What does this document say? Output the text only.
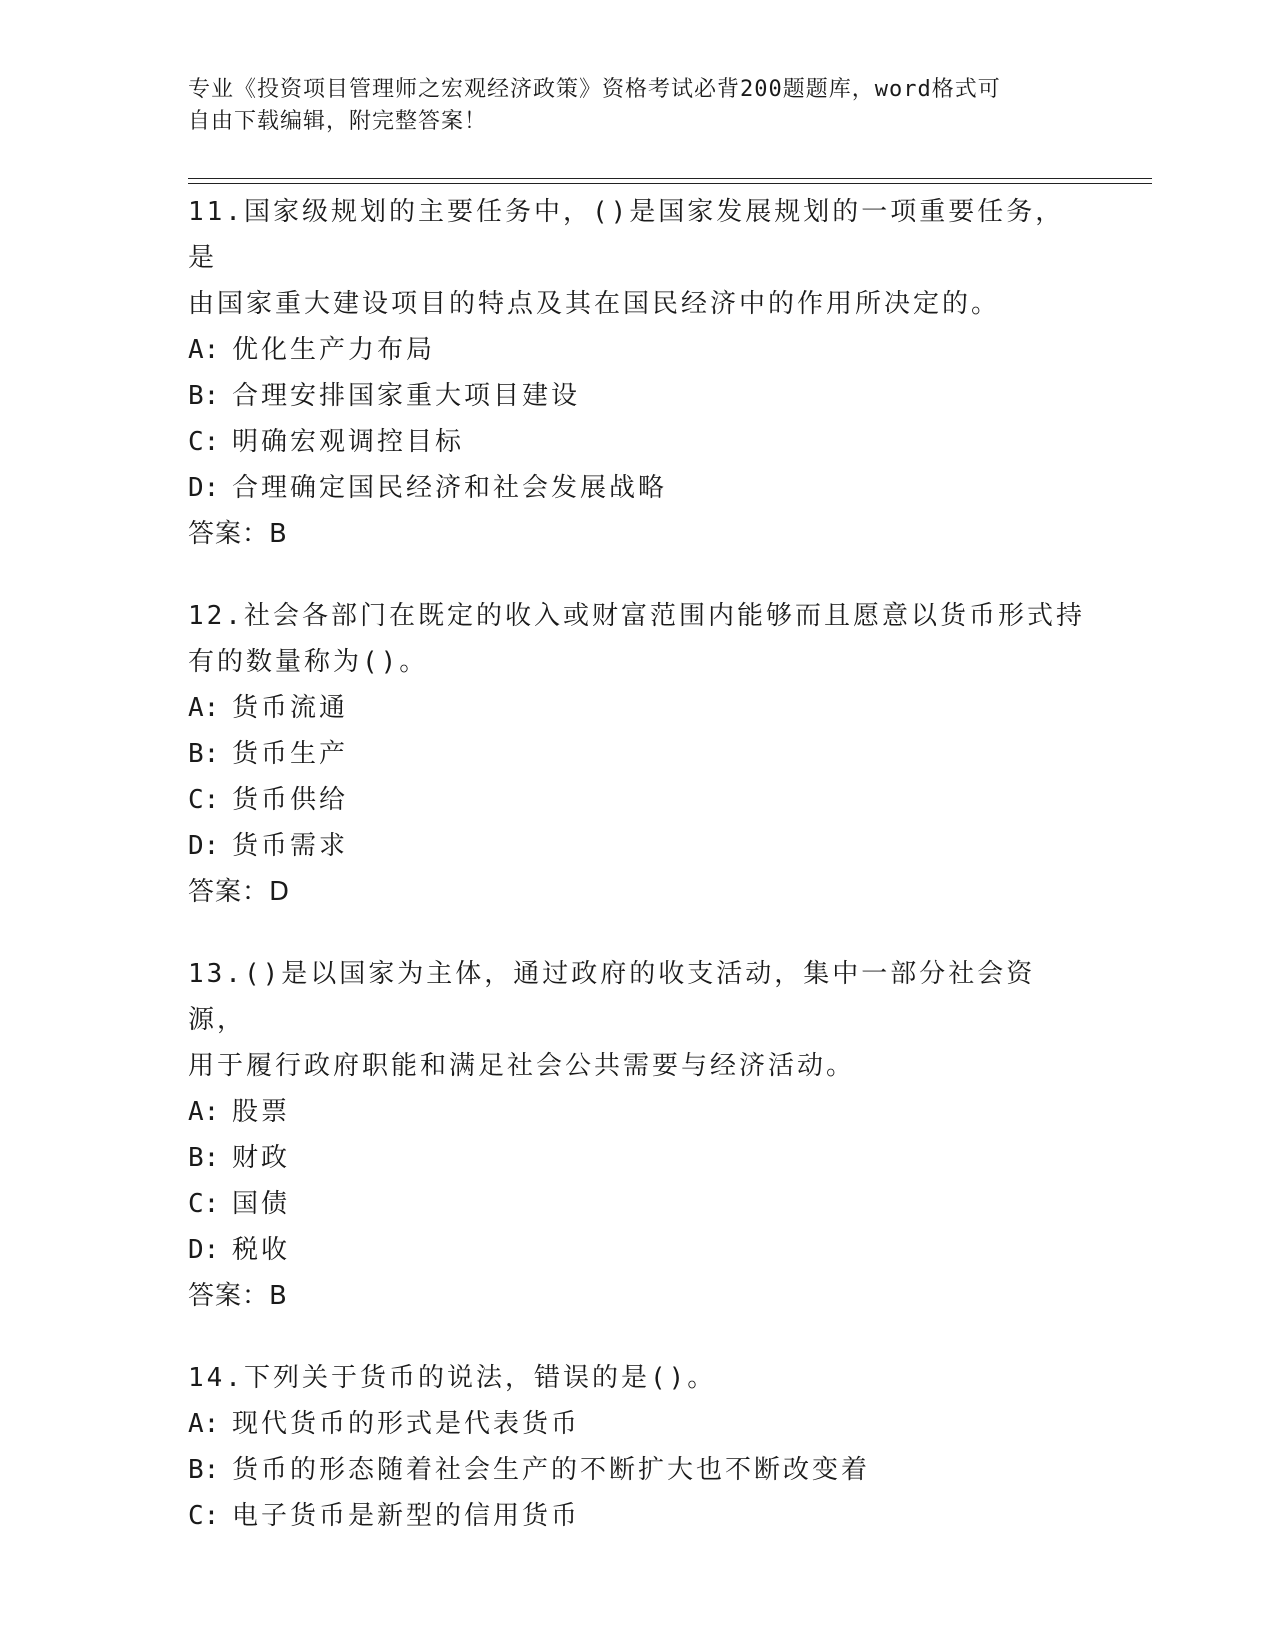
专业《投资项目管理师之宏观经济政策》资格考试必背200题题库，word格式可
自由下载编辑，附完整答案！
11.国家级规划的主要任务中，()是国家发展规划的一项重要任务，是
由国家重大建设项目的特点及其在国民经济中的作用所决定的。
A: 优化生产力布局
B: 合理安排国家重大项目建设
C: 明确宏观调控目标
D: 合理确定国民经济和社会发展战略
答案：B
12.社会各部门在既定的收入或财富范围内能够而且愿意以货币形式持
有的数量称为()。
A: 货币流通
B: 货币生产
C: 货币供给
D: 货币需求
答案：D
13.()是以国家为主体，通过政府的收支活动，集中一部分社会资源，
用于履行政府职能和满足社会公共需要与经济活动。
A: 股票
B: 财政
C: 国债
D: 税收
答案：B
14.下列关于货币的说法，错误的是()。
A: 现代货币的形式是代表货币
B: 货币的形态随着社会生产的不断扩大也不断改变着
C: 电子货币是新型的信用货币
